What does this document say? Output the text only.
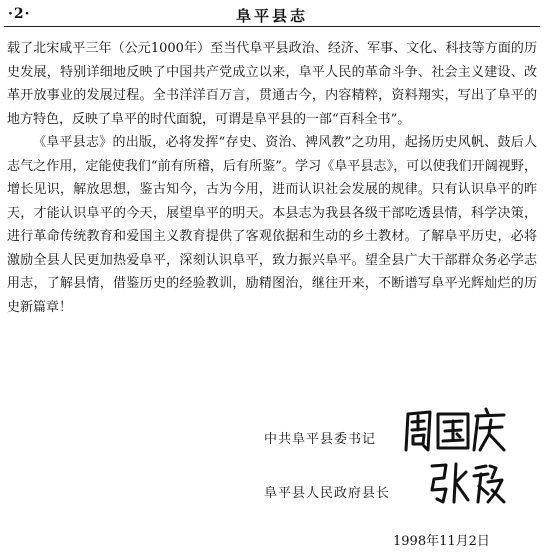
·2·	阜平县志

载了北宋咸平三年（公元1000年）至当代阜平县政治、经济、军事、文化、科技等方面的历史发展，特别详细地反映了中国共产党成立以来，阜平人民的革命斗争、社会主义建设、改革开放事业的发展过程。全书洋洋百万言，贯通古今，内容精粹，资料翔实，写出了阜平的地方特色，反映了阜平的时代面貌，可谓是阜平县的一部“百科全书”。

《阜平县志》的出版，必将发挥“存史、资治、裨风教”之功用，起扬历史风帆、鼓后人志气之作用，定能使我们“前有所稽，后有所鉴”。学习《阜平县志》，可以使我们开阔视野，增长见识，解放思想，鉴古知今，古为今用，进而认识社会发展的规律。只有认识阜平的昨天，才能认识阜平的今天，展望阜平的明天。本县志为我县各级干部吃透县情，科学决策，进行革命传统教育和爱国主义教育提供了客观依据和生动的乡土教材。了解阜平历史，必将激励全县人民更加热爱阜平，深刻认识阜平，致力振兴阜平。望全县广大干部群众务必学志用志，了解县情，借鉴历史的经验教训，励精图治，继往开来，不断谱写阜平光辉灿烂的历史新篇章！

中共阜平县委书记
阜平县人民政府县长
1998年11月2日
